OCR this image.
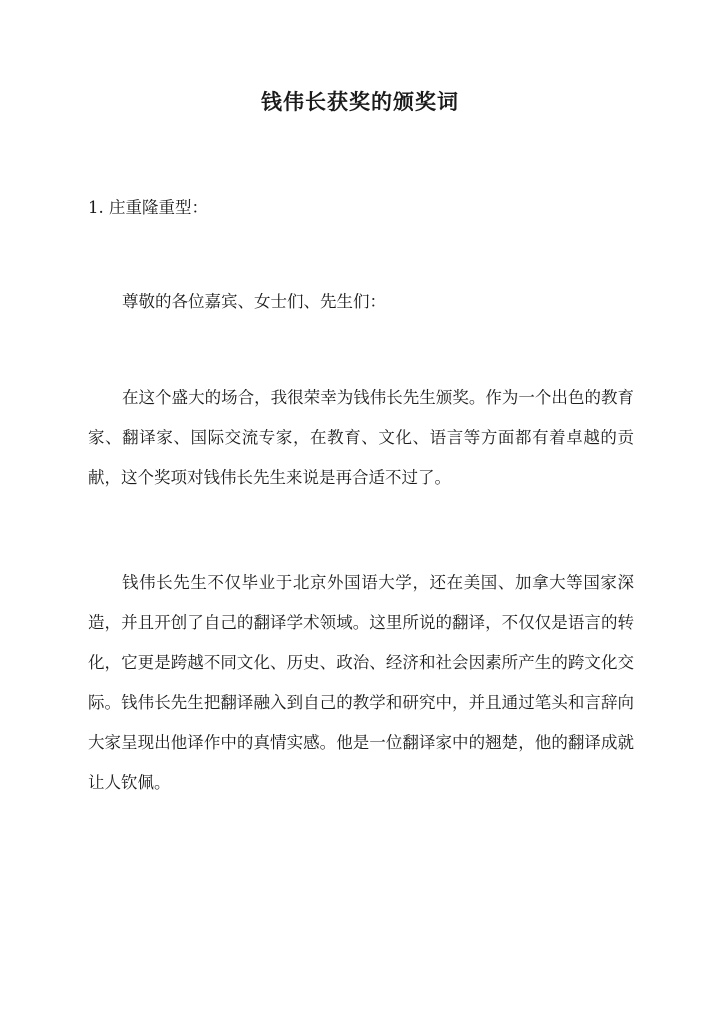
钱伟长获奖的颁奖词

1. 庄重隆重型：

尊敬的各位嘉宾、女士们、先生们：

在这个盛大的场合，我很荣幸为钱伟长先生颁奖。作为一个出色的教育家、翻译家、国际交流专家，在教育、文化、语言等方面都有着卓越的贡献，这个奖项对钱伟长先生来说是再合适不过了。

钱伟长先生不仅毕业于北京外国语大学，还在美国、加拿大等国家深造，并且开创了自己的翻译学术领域。这里所说的翻译，不仅仅是语言的转化，它更是跨越不同文化、历史、政治、经济和社会因素所产生的跨文化交际。钱伟长先生把翻译融入到自己的教学和研究中，并且通过笔头和言辞向大家呈现出他译作中的真情实感。他是一位翻译家中的翘楚，他的翻译成就让人钦佩。
